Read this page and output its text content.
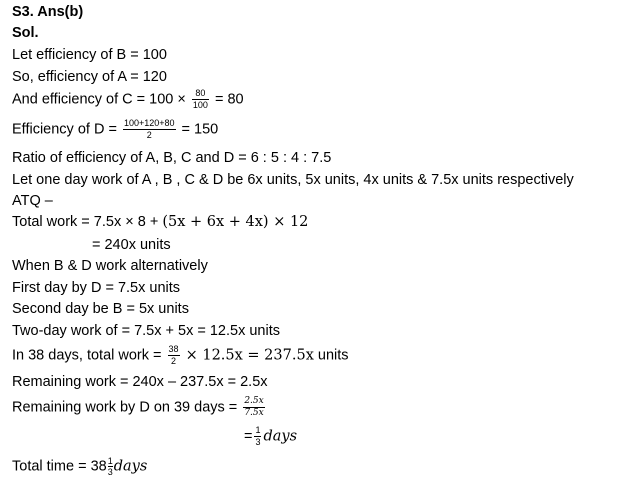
S3. Ans(b)
Sol.
Let efficiency of B = 100
So, efficiency of A = 120
And efficiency of $C = 100 \times \frac{80}{100} = 80$
Efficiency of $D = \frac{100+120+80}{2} = 150$
Ratio of efficiency of A, B, C and D = 6 : 5 : 4 : 7.5
Let one day work of A , B , C & D be 6x units, 5x units, 4x units & 7.5x units respectively
ATQ –
Total work = 7.5x × 8 + (5x + 6x + 4x) × 12
= 240x units
When B & D work alternatively
First day by D = 7.5x units
Second day be B = 5x units
Two-day work of = 7.5x + 5x = 12.5x units
In 38 days, total work = $\frac{38}{2} \times 12.5x = 237.5x$ units
Remaining work = 240x – 237.5x = 2.5x
Remaining work by D on 39 days = $\frac{2.5x}{7.5x}$
= $\frac{1}{3}$ days
Total time = $38 \frac{1}{3}$ days
